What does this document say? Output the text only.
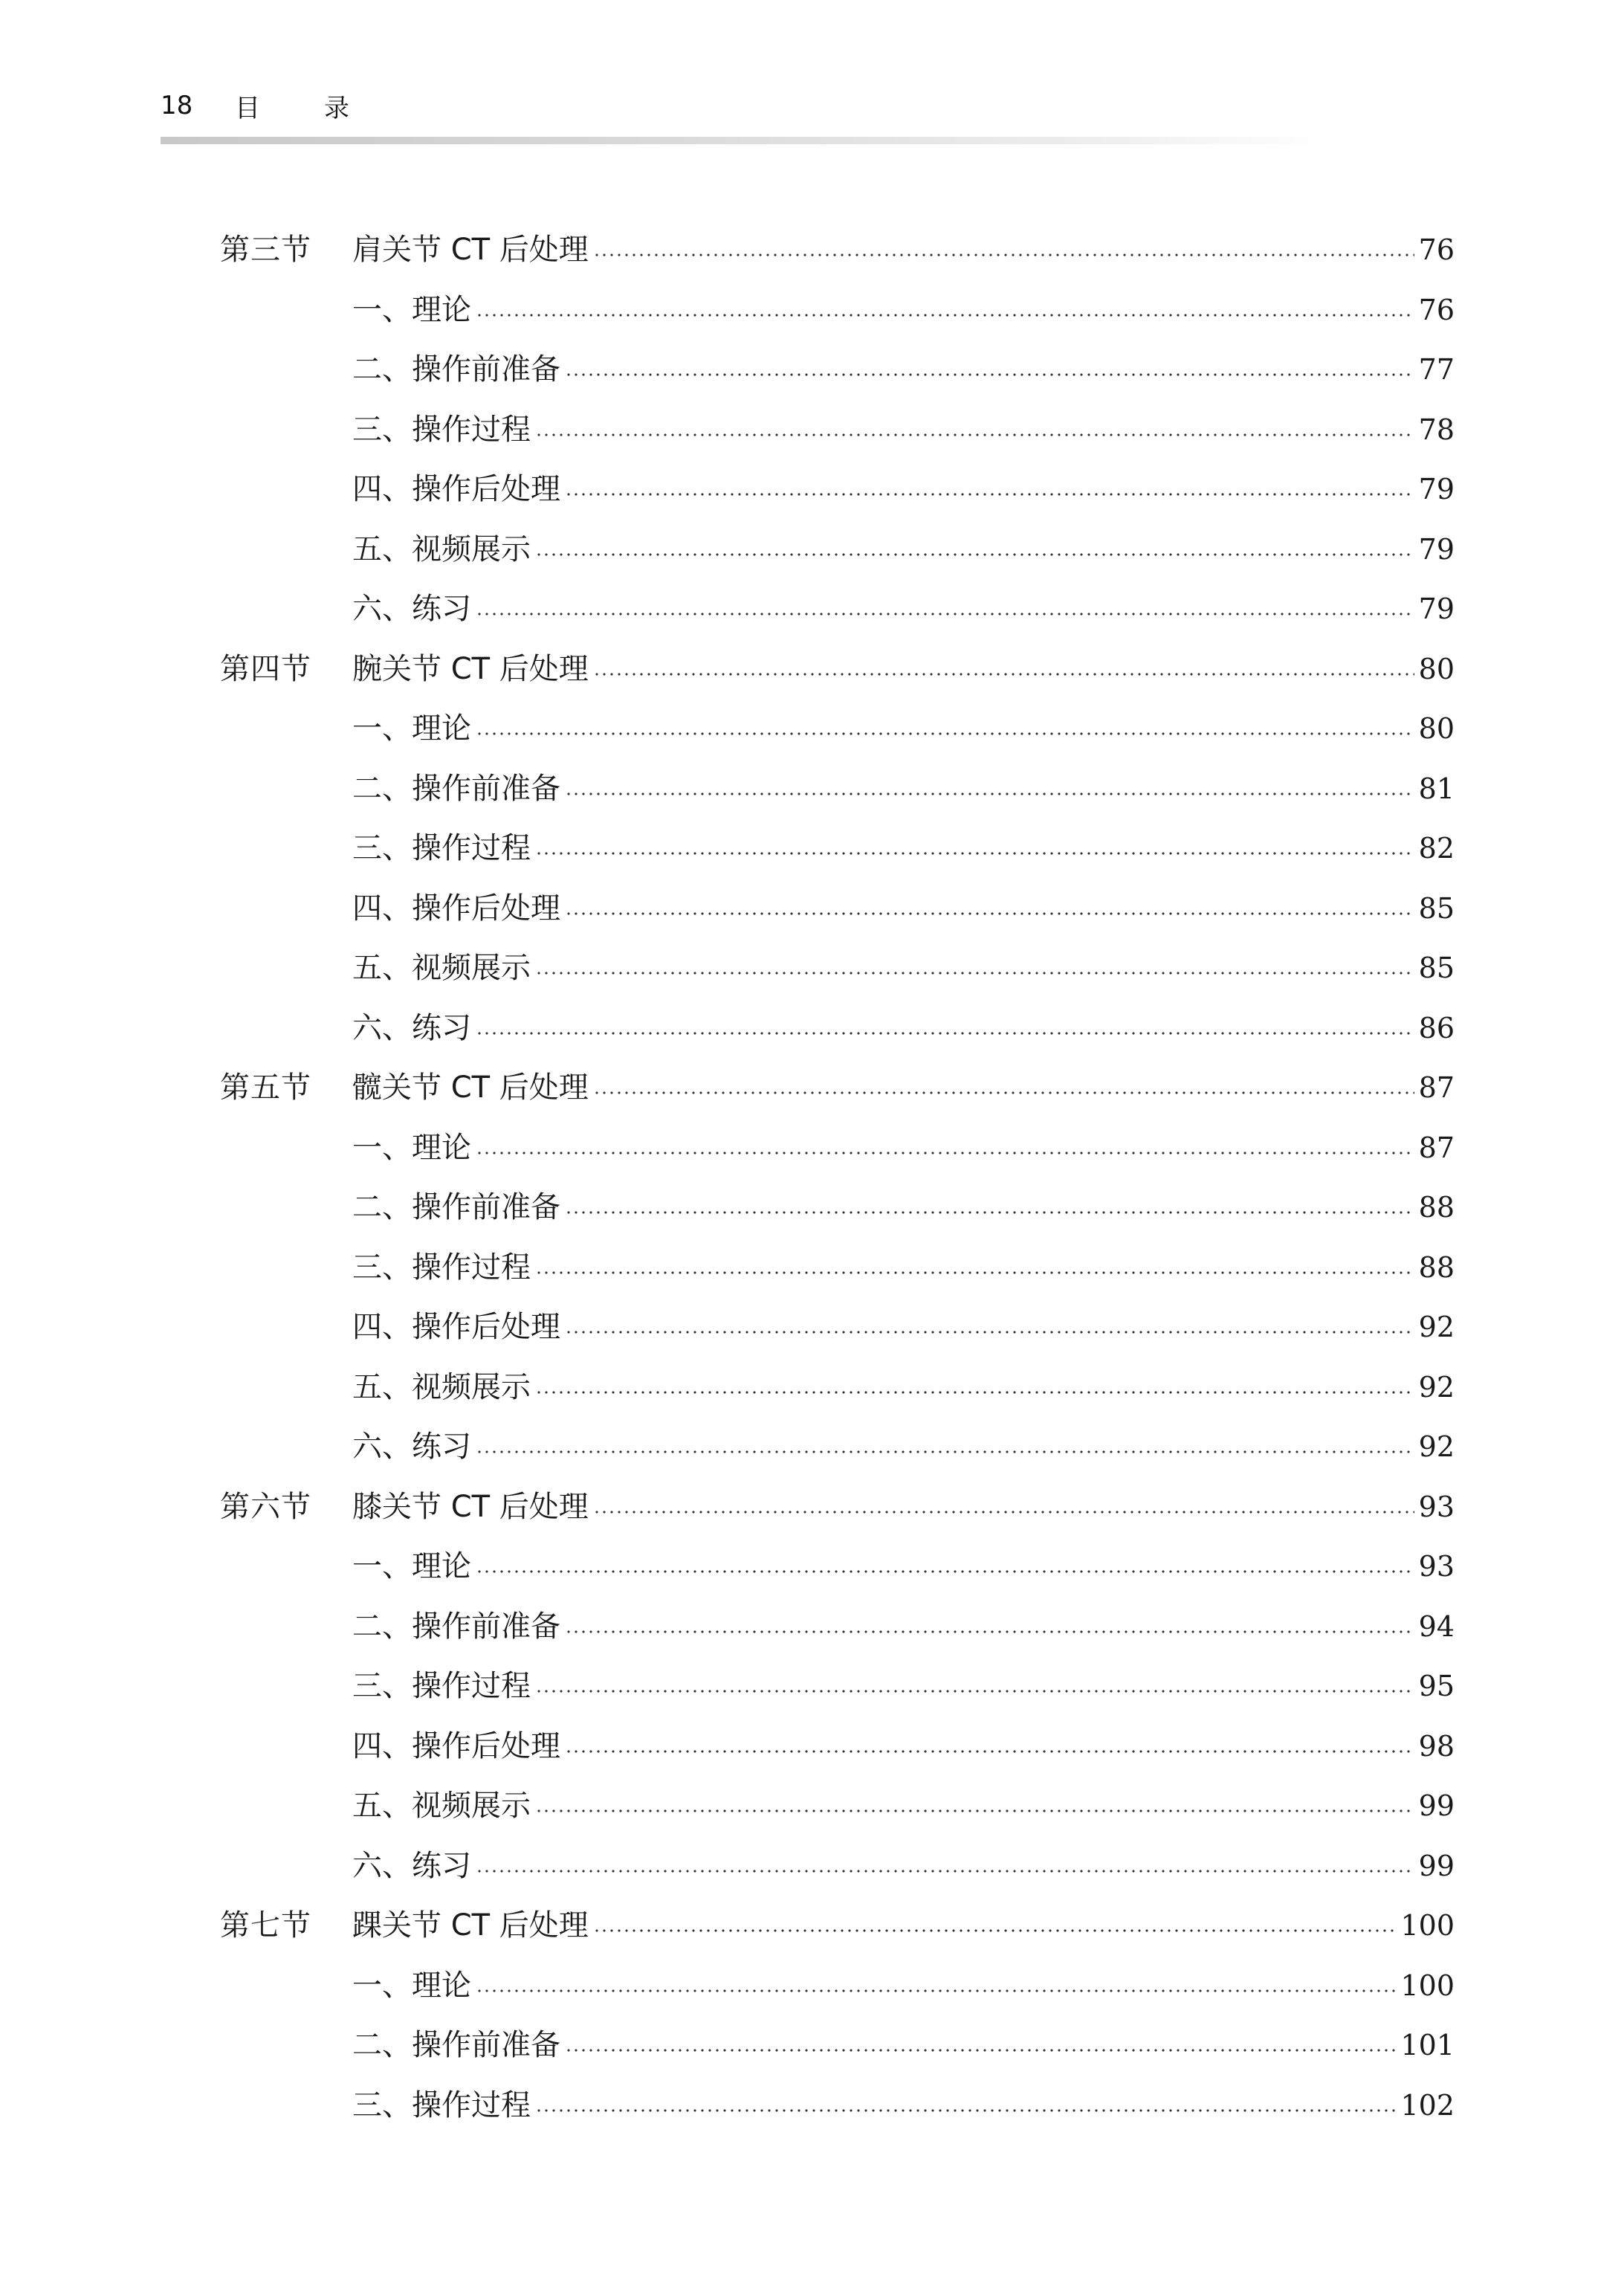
18	目	录
第三节 肩关节 CT 后处理	76
一、理论	76
二、操作前准备	77
三、操作过程	78
四、操作后处理	79
五、视频展示	79
六、练习	79
第四节 腕关节 CT 后处理	80
一、理论	80
二、操作前准备	81
三、操作过程	82
四、操作后处理	85
五、视频展示	85
六、练习	86
第五节 髋关节 CT 后处理	87
一、理论	87
二、操作前准备	88
三、操作过程	88
四、操作后处理	92
五、视频展示	92
六、练习	92
第六节 膝关节 CT 后处理	93
一、理论	93
二、操作前准备	94
三、操作过程	95
四、操作后处理	98
五、视频展示	99
六、练习	99
第七节 踝关节 CT 后处理	100
一、理论	100
二、操作前准备	101
三、操作过程	102
